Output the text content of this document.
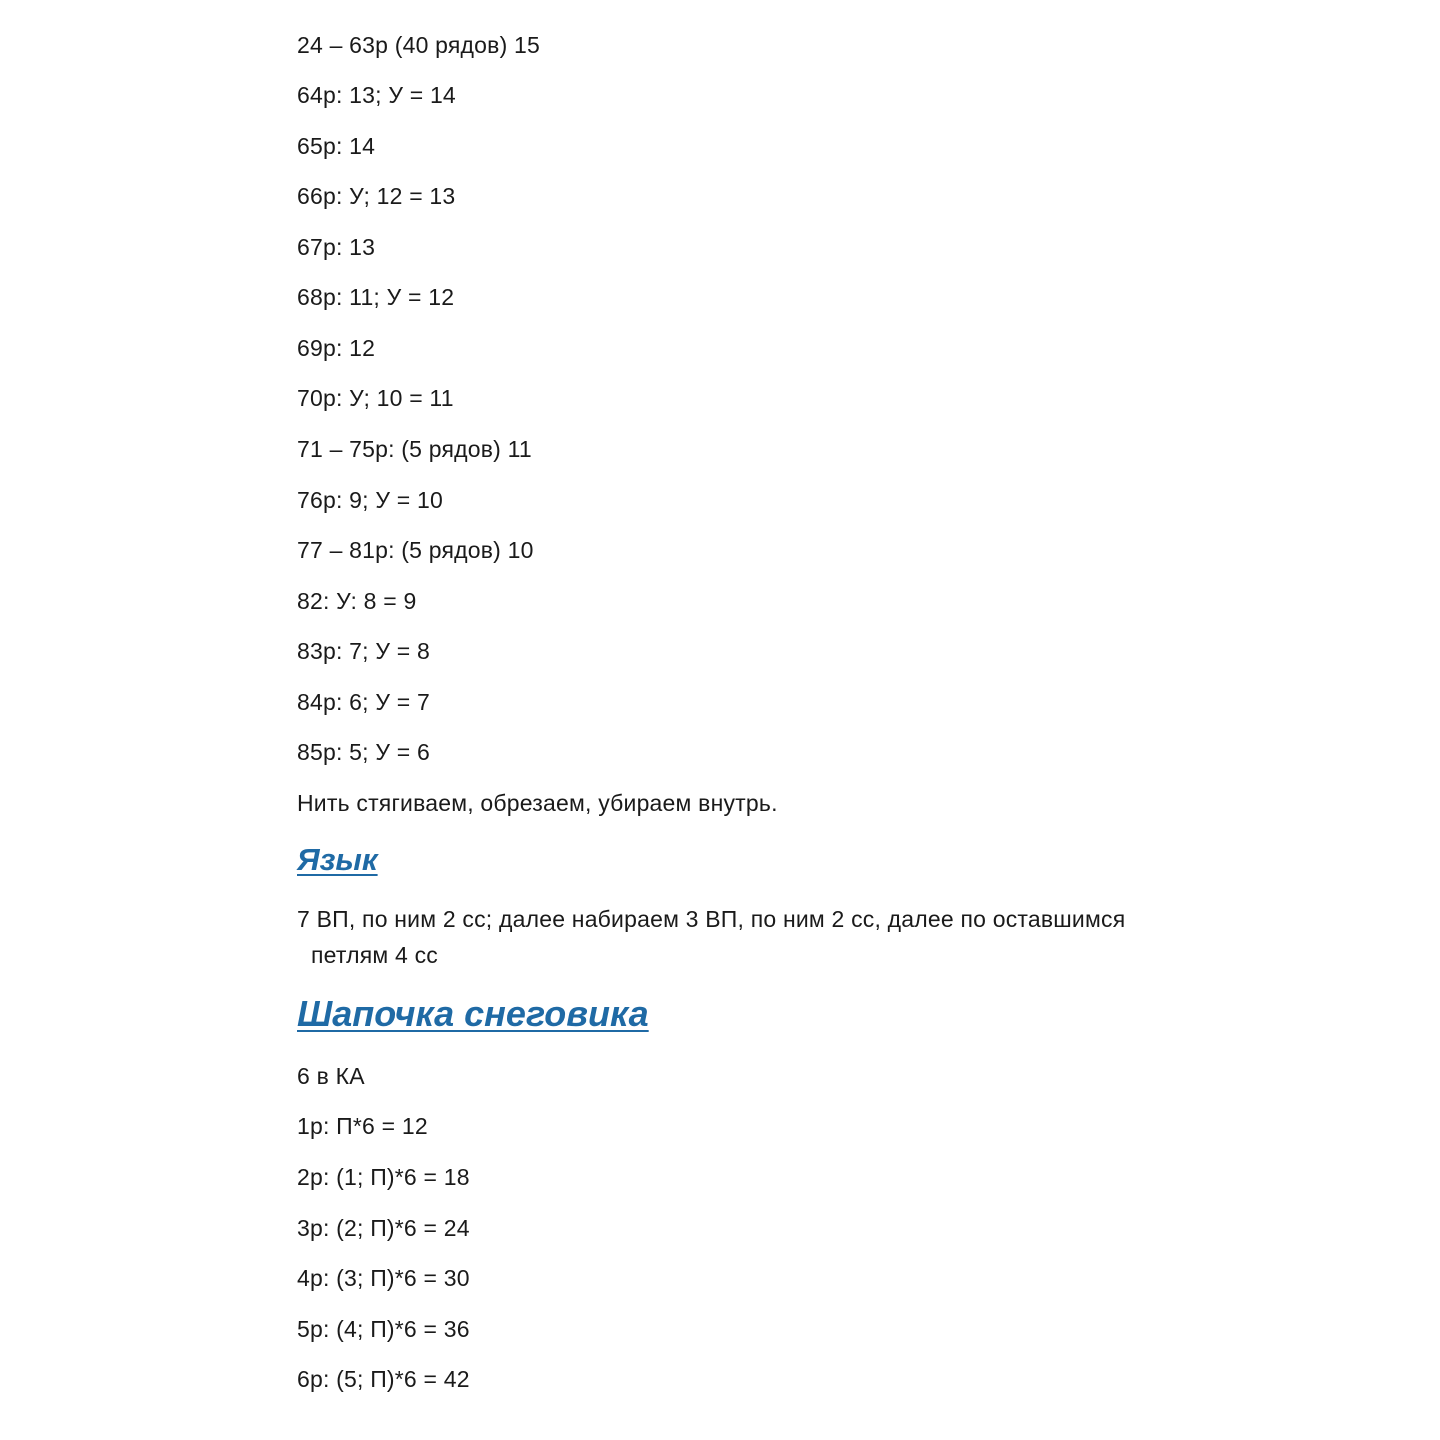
24 – 63р (40 рядов) 15
64р: 13; У = 14
65р: 14
66р: У; 12 = 13
67р: 13
68р: 11; У = 12
69р: 12
70р: У; 10 = 11
71 – 75р: (5 рядов) 11
76р: 9; У = 10
77 – 81р: (5 рядов) 10
82: У: 8 = 9
83р: 7; У = 8
84р: 6; У = 7
85р: 5; У = 6
Нить стягиваем, обрезаем, убираем внутрь.
Язык
7 ВП, по ним 2 сс; далее набираем 3 ВП, по ним 2 сс, далее по оставшимся
петлям 4 сс
Шапочка снеговика
6 в КА
1р: П*6 = 12
2р: (1; П)*6 = 18
3р: (2; П)*6 = 24
4р: (3; П)*6 = 30
5р: (4; П)*6 = 36
6р: (5; П)*6 = 42
